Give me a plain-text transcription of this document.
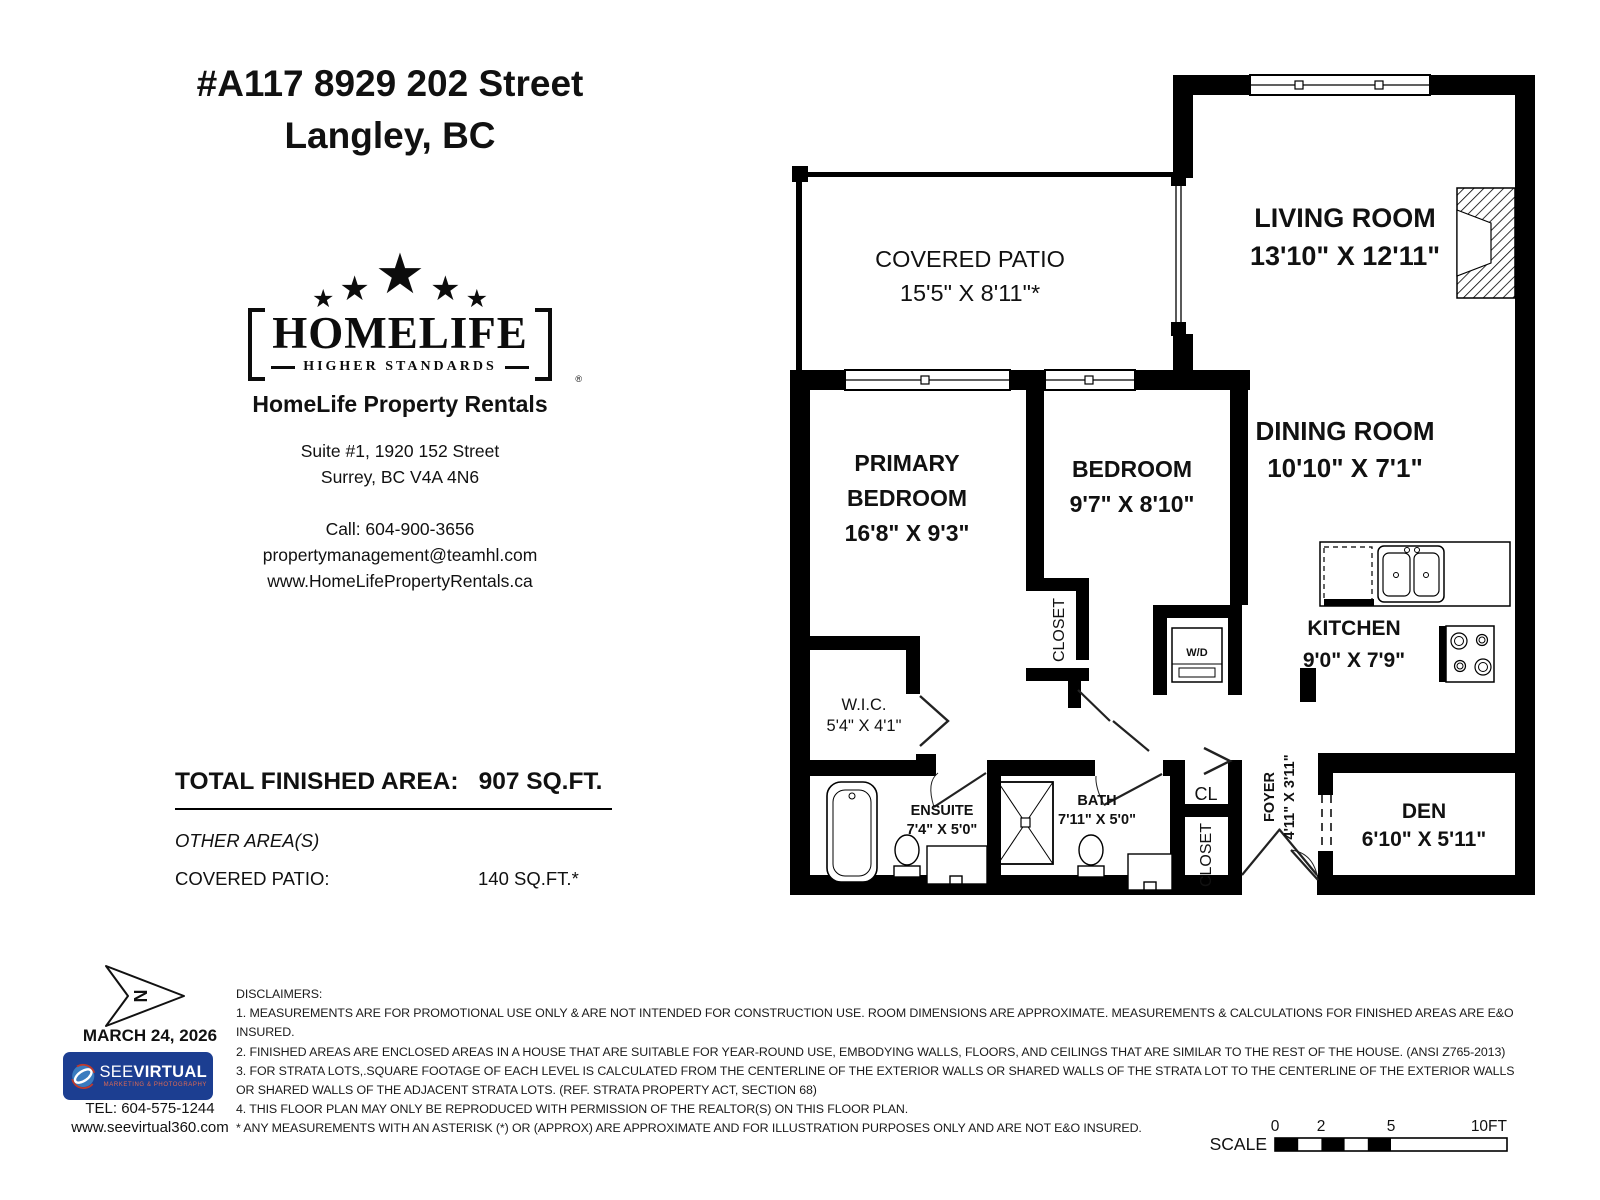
#A117 8929 202 Street
Langley, BC
★ ★ ★ ★ ★
HOMELIFE
HIGHER STANDARDS
®
HomeLife Property Rentals
Suite #1, 1920 152 Street
Surrey, BC V4A 4N6
Call: 604-900-3656
propertymanagement@teamhl.com
www.HomeLifePropertyRentals.ca
TOTAL FINISHED AREA: 907 SQ.FT.
OTHER AREA(S)
COVERED PATIO:	140 SQ.FT.*
COVERED PATIO
15'5" X 8'11"*
LIVING ROOM
13'10" X 12'11"
PRIMARY
BEDROOM
16'8" X 9'3"
BEDROOM
9'7" X 8'10"
DINING ROOM
10'10" X 7'1"
KITCHEN
9'0" X 7'9"
W.I.C.
5'4" X 4'1"
ENSUITE
7'4" X 5'0"
BATH
7'11" X 5'0"	DEN
6'10" X 5'11"
W/D
CL
CLOSET
CLOSET
FOYER 4'11" X 3'11"
N
MARCH 24, 2026
SEEVIRTUAL
MARKETING & PHOTOGRAPHY
TEL: 604-575-1244
www.seevirtual360.com
DISCLAIMERS:
1. MEASUREMENTS ARE FOR PROMOTIONAL USE ONLY & ARE NOT INTENDED FOR CONSTRUCTION USE. ROOM DIMENSIONS ARE APPROXIMATE. MEASUREMENTS & CALCULATIONS FOR FINISHED AREAS ARE E&O INSURED.
2. FINISHED AREAS ARE ENCLOSED AREAS IN A HOUSE THAT ARE SUITABLE FOR YEAR-ROUND USE, EMBODYING WALLS, FLOORS, AND CEILINGS THAT ARE SIMILAR TO THE REST OF THE HOUSE. (ANSI Z765-2013)
3. FOR STRATA LOTS,.SQUARE FOOTAGE OF EACH LEVEL IS CALCULATED FROM THE CENTERLINE OF THE EXTERIOR WALLS OR SHARED WALLS OF THE STRATA LOT TO THE CENTERLINE OF THE EXTERIOR WALLS OR SHARED WALLS OF THE ADJACENT STRATA LOTS. (REF. STRATA PROPERTY ACT, SECTION 68)
4. THIS FLOOR PLAN MAY ONLY BE REPRODUCED WITH PERMISSION OF THE REALTOR(S) ON THIS FLOOR PLAN.
* ANY MEASUREMENTS WITH AN ASTERISK (*) OR (APPROX) ARE APPROXIMATE AND FOR ILLUSTRATION PURPOSES ONLY AND ARE NOT E&O INSURED.
SCALE
0 2	5	10FT
